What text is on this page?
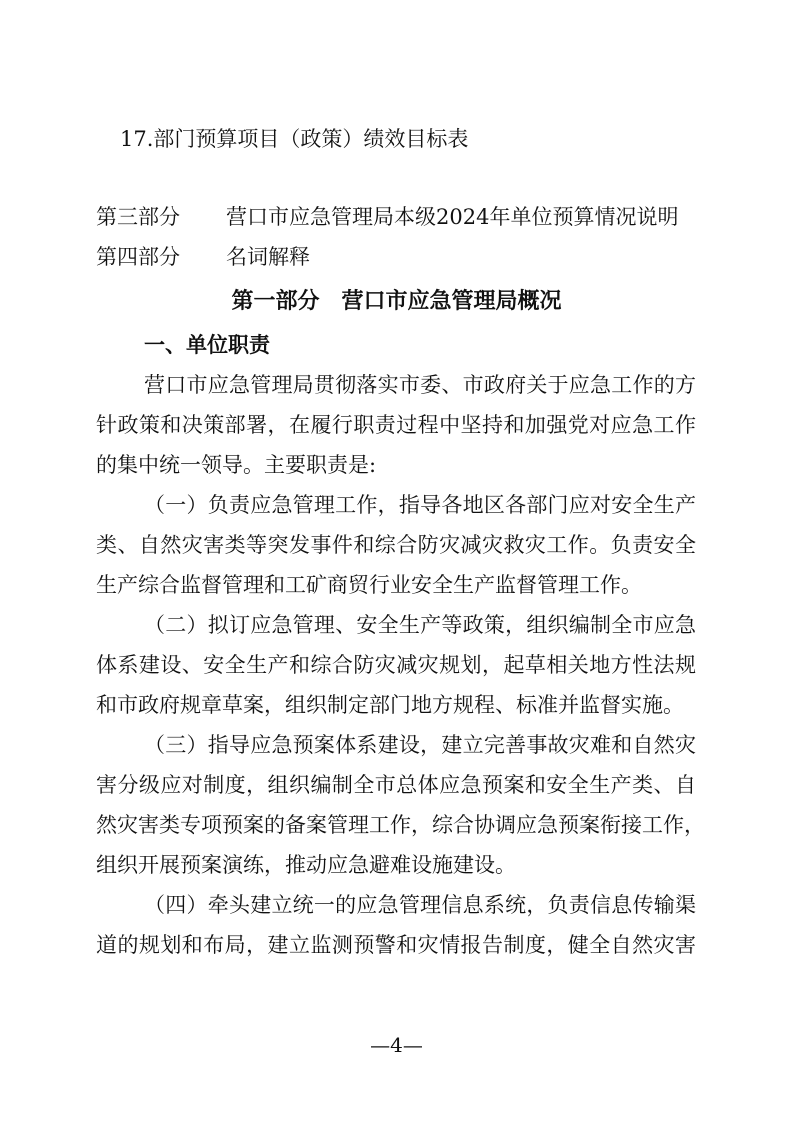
17.部门预算项目（政策）绩效目标表
第三部分 营口市应急管理局本级2024年单位预算情况说明
第四部分 名词解释
第一部分　营口市应急管理局概况
一、单位职责
营口市应急管理局贯彻落实市委、市政府关于应急工作的方
针政策和决策部署，在履行职责过程中坚持和加强党对应急工作
的集中统一领导。主要职责是:
（一）负责应急管理工作，指导各地区各部门应对安全生产
类、自然灾害类等突发事件和综合防灾减灾救灾工作。负责安全
生产综合监督管理和工矿商贸行业安全生产监督管理工作。
（二）拟订应急管理、安全生产等政策，组织编制全市应急
体系建设、安全生产和综合防灾减灾规划，起草相关地方性法规
和市政府规章草案，组织制定部门地方规程、标准并监督实施。
（三）指导应急预案体系建设，建立完善事故灾难和自然灾
害分级应对制度，组织编制全市总体应急预案和安全生产类、自
然灾害类专项预案的备案管理工作，综合协调应急预案衔接工作，
组织开展预案演练，推动应急避难设施建设。
（四）牵头建立统一的应急管理信息系统，负责信息传输渠
道的规划和布局，建立监测预警和灾情报告制度，健全自然灾害
—4—
